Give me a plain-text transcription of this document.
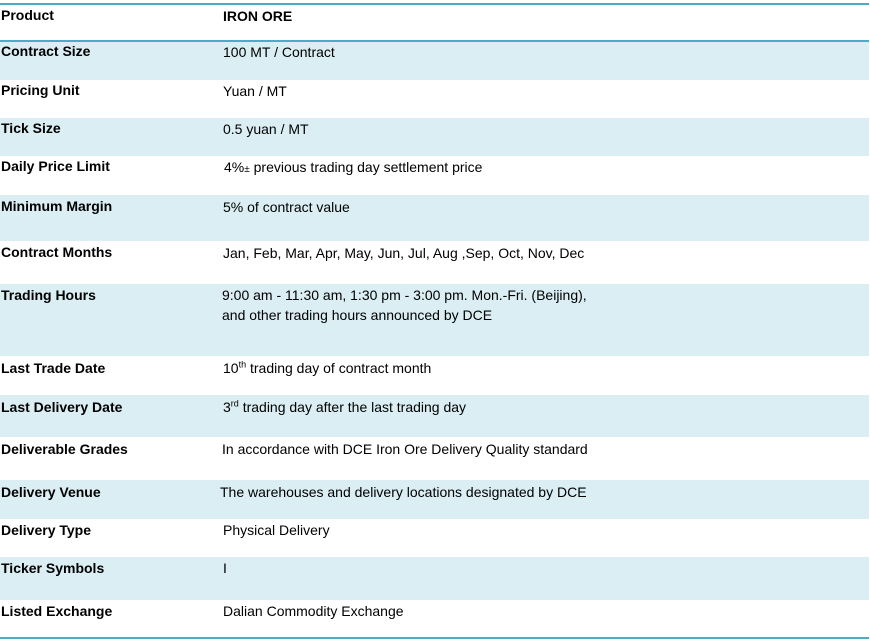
Product	IRON ORE
Contract Size	100 MT / Contract
Pricing Unit	Yuan / MT
Tick Size	0.5 yuan / MT
Daily Price Limit	4%± previous trading day settlement price
Minimum Margin	5% of contract value
Contract Months	Jan, Feb, Mar, Apr, May, Jun, Jul, Aug ,Sep, Oct, Nov, Dec
Trading Hours	9:00 am - 11:30 am, 1:30 pm - 3:00 pm. Mon.-Fri. (Beijing),
and other trading hours announced by DCE
Last Trade Date	10th trading day of contract month
Last Delivery Date	3rd trading day after the last trading day
Deliverable Grades	In accordance with DCE Iron Ore Delivery Quality standard
Delivery Venue	The warehouses and delivery locations designated by DCE
Delivery Type	Physical Delivery
Ticker Symbols	I
Listed Exchange	Dalian Commodity Exchange
